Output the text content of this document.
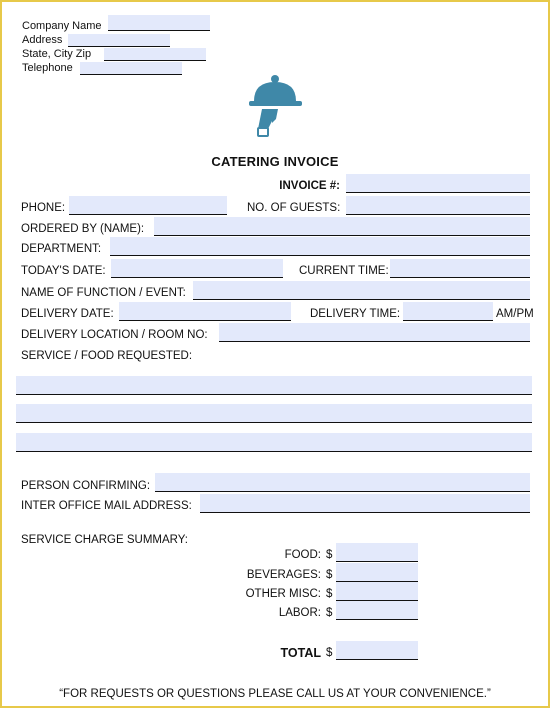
Company Name
Address
State, City Zip
Telephone
CATERING INVOICE
INVOICE #:
PHONE:	NO. OF GUESTS:
ORDERED BY (NAME):
DEPARTMENT:
TODAY'S DATE:	CURRENT TIME:
NAME OF FUNCTION / EVENT:
DELIVERY DATE:	DELIVERY TIME:	AM/PM
DELIVERY LOCATION / ROOM NO:
SERVICE / FOOD REQUESTED:
PERSON CONFIRMING:
INTER OFFICE MAIL ADDRESS:
SERVICE CHARGE SUMMARY:
FOOD: $
BEVERAGES: $
OTHER MISC: $
LABOR: $
TOTAL $
“FOR REQUESTS OR QUESTIONS PLEASE CALL US AT YOUR CONVENIENCE.”
